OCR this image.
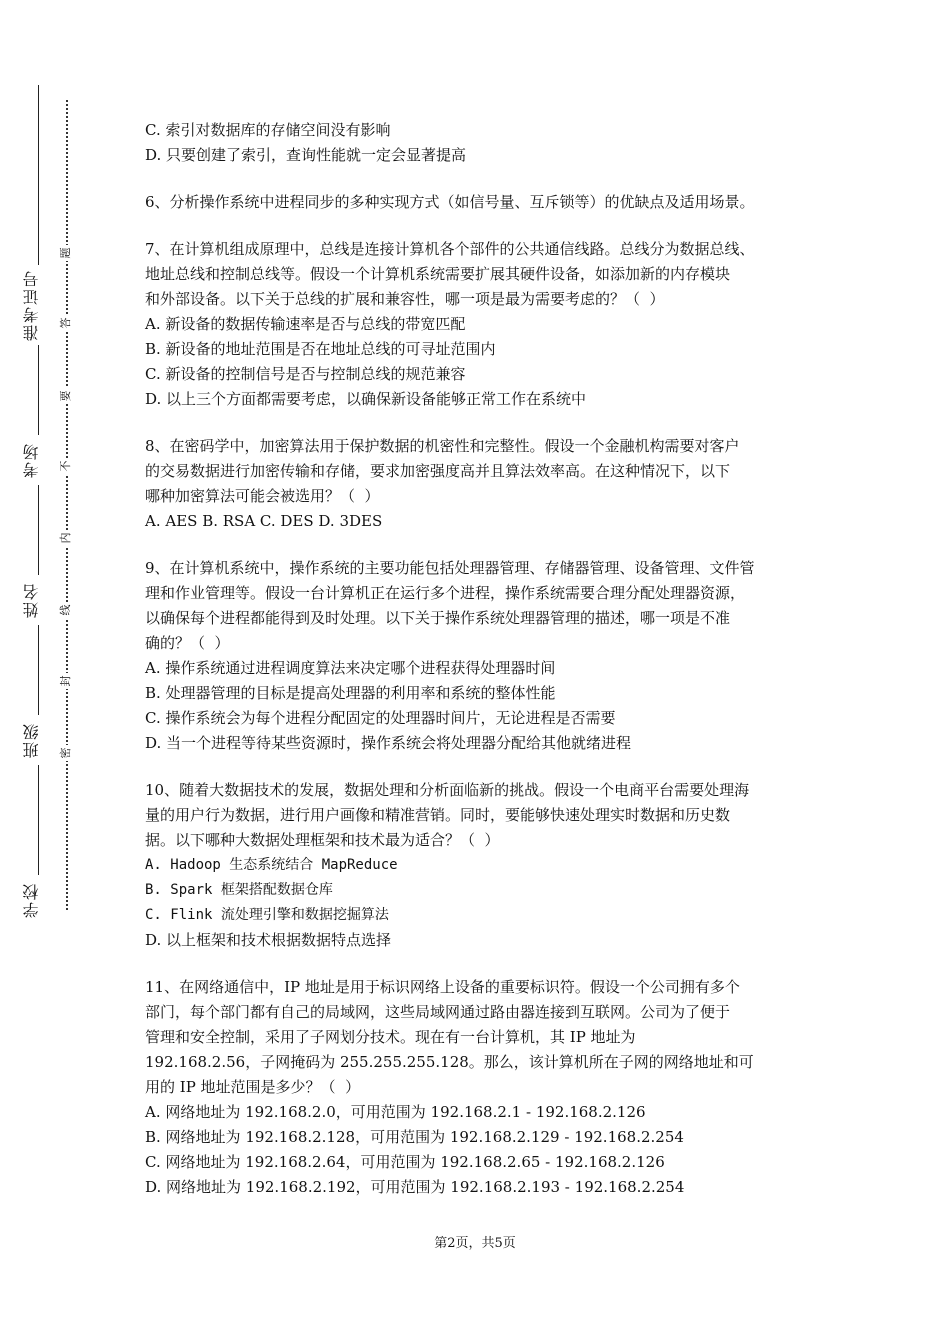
准考证号
考场
姓名
班级
学校
题
答
要
不
内
线
封
密

C. 索引对数据库的存储空间没有影响

D. 只要创建了索引，查询性能就一定会显著提高

6、分析操作系统中进程同步的多种实现方式（如信号量、互斥锁等）的优缺点及适用场景。

7、在计算机组成原理中，总线是连接计算机各个部件的公共通信线路。总线分为数据总线、

地址总线和控制总线等。假设一个计算机系统需要扩展其硬件设备，如添加新的内存模块

和外部设备。以下关于总线的扩展和兼容性，哪一项是最为需要考虑的？（  ）

A. 新设备的数据传输速率是否与总线的带宽匹配

B. 新设备的地址范围是否在地址总线的可寻址范围内

C. 新设备的控制信号是否与控制总线的规范兼容

D. 以上三个方面都需要考虑，以确保新设备能够正常工作在系统中

8、在密码学中，加密算法用于保护数据的机密性和完整性。假设一个金融机构需要对客户

的交易数据进行加密传输和存储，要求加密强度高并且算法效率高。在这种情况下，以下

哪种加密算法可能会被选用？（  ）

A. AES B. RSA C. DES D. 3DES

9、在计算机系统中，操作系统的主要功能包括处理器管理、存储器管理、设备管理、文件管

理和作业管理等。假设一台计算机正在运行多个进程，操作系统需要合理分配处理器资源，

以确保每个进程都能得到及时处理。以下关于操作系统处理器管理的描述，哪一项是不准

确的？（  ）

A. 操作系统通过进程调度算法来决定哪个进程获得处理器时间

B. 处理器管理的目标是提高处理器的利用率和系统的整体性能

C. 操作系统会为每个进程分配固定的处理器时间片，无论进程是否需要

D. 当一个进程等待某些资源时，操作系统会将处理器分配给其他就绪进程

10、随着大数据技术的发展，数据处理和分析面临新的挑战。假设一个电商平台需要处理海

量的用户行为数据，进行用户画像和精准营销。同时，要能够快速处理实时数据和历史数

据。以下哪种大数据处理框架和技术最为适合？（  ）

A. Hadoop 生态系统结合 MapReduce

B. Spark 框架搭配数据仓库

C. Flink 流处理引擎和数据挖掘算法

D. 以上框架和技术根据数据特点选择

11、在网络通信中，IP 地址是用于标识网络上设备的重要标识符。假设一个公司拥有多个

部门，每个部门都有自己的局域网，这些局域网通过路由器连接到互联网。公司为了便于

管理和安全控制，采用了子网划分技术。现在有一台计算机，其 IP 地址为

192.168.2.56，子网掩码为 255.255.255.128。那么，该计算机所在子网的网络地址和可

用的 IP 地址范围是多少？（  ）

A. 网络地址为 192.168.2.0，可用范围为 192.168.2.1 - 192.168.2.126

B. 网络地址为 192.168.2.128，可用范围为 192.168.2.129 - 192.168.2.254

C. 网络地址为 192.168.2.64，可用范围为 192.168.2.65 - 192.168.2.126

D. 网络地址为 192.168.2.192，可用范围为 192.168.2.193 - 192.168.2.254

第2页，共5页
